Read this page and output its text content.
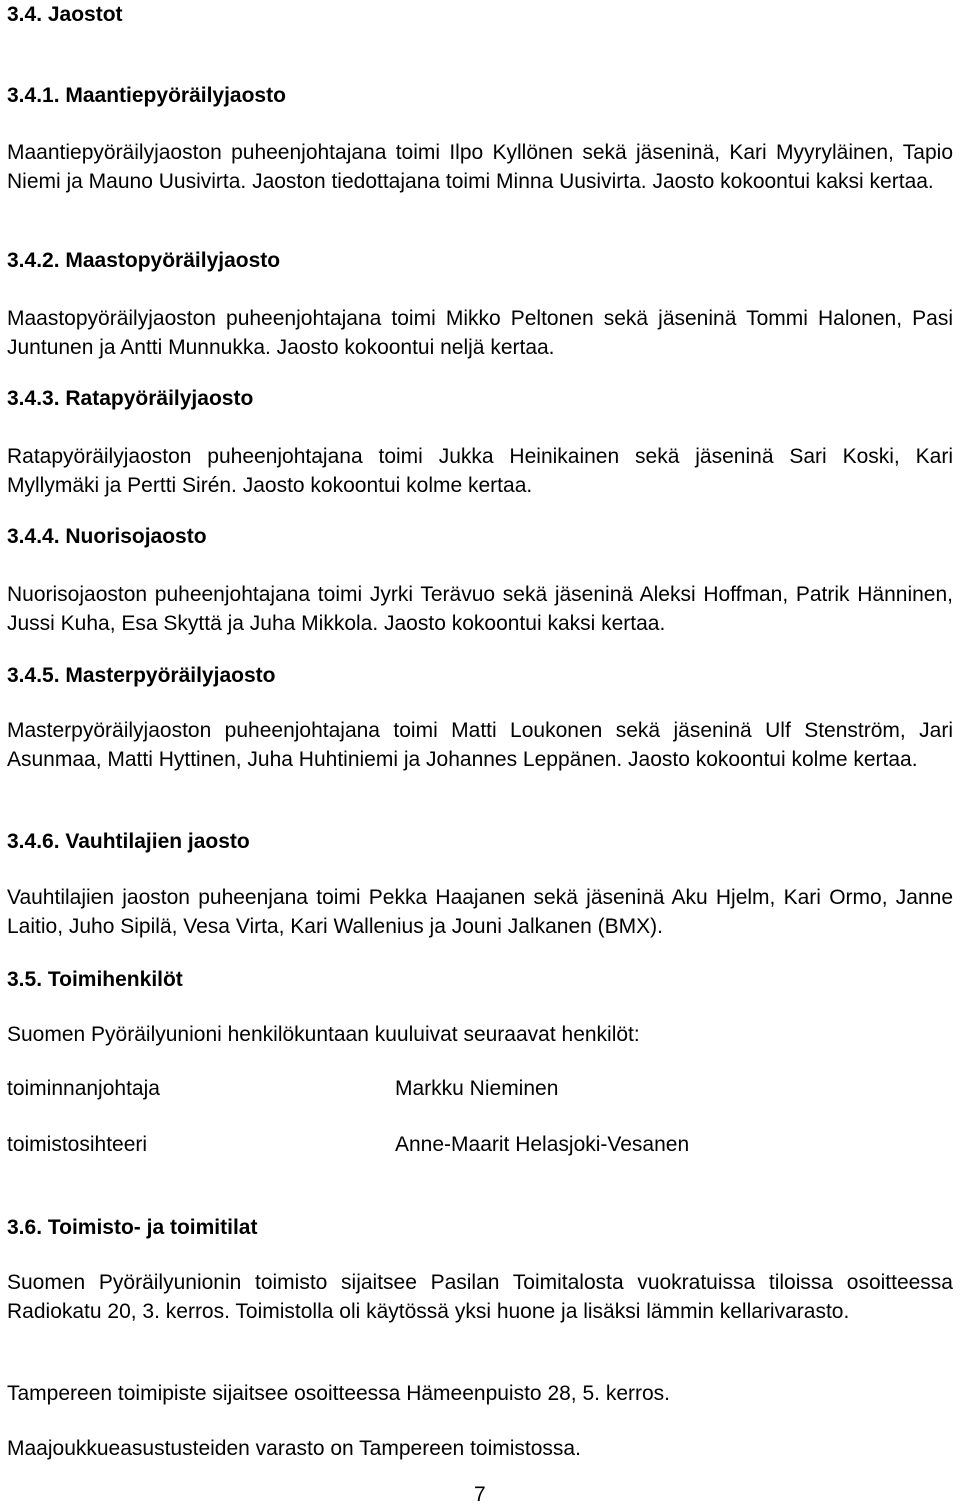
3.4. Jaostot
3.4.1. Maantiepyöräilyjaosto
Maantiepyöräilyjaoston puheenjohtajana toimi Ilpo Kyllönen sekä jäseninä, Kari Myyryläinen, Tapio Niemi ja Mauno Uusivirta. Jaoston tiedottajana toimi Minna Uusivirta. Jaosto kokoontui kaksi kertaa.
3.4.2. Maastopyöräilyjaosto
Maastopyöräilyjaoston puheenjohtajana toimi Mikko Peltonen sekä jäseninä Tommi Halonen, Pasi Juntunen ja Antti Munnukka. Jaosto kokoontui neljä kertaa.
3.4.3. Ratapyöräilyjaosto
Ratapyöräilyjaoston puheenjohtajana toimi Jukka Heinikainen sekä jäseninä Sari Koski, Kari Myllymäki ja Pertti Sirén. Jaosto kokoontui kolme kertaa.
3.4.4. Nuorisojaosto
Nuorisojaoston puheenjohtajana toimi Jyrki Terävuo sekä jäseninä Aleksi Hoffman, Patrik Hänninen, Jussi Kuha, Esa Skyttä ja Juha Mikkola. Jaosto kokoontui kaksi kertaa.
3.4.5. Masterpyöräilyjaosto
Masterpyöräilyjaoston puheenjohtajana toimi Matti Loukonen sekä jäseninä Ulf Stenström, Jari Asunmaa, Matti Hyttinen, Juha Huhtiniemi ja Johannes Leppänen. Jaosto kokoontui kolme kertaa.
3.4.6. Vauhtilajien jaosto
Vauhtilajien jaoston puheenjana toimi Pekka Haajanen sekä jäseninä Aku Hjelm, Kari Ormo, Janne Laitio, Juho Sipilä, Vesa Virta, Kari Wallenius ja Jouni Jalkanen (BMX).
3.5. Toimihenkilöt
Suomen Pyöräilyunioni henkilökuntaan kuuluivat seuraavat henkilöt:
toiminnanjohtaja	Markku Nieminen
toimistosihteeri	Anne-Maarit Helasjoki-Vesanen
3.6. Toimisto- ja toimitilat
Suomen Pyöräilyunionin toimisto sijaitsee Pasilan Toimitalosta vuokratuissa tiloissa osoitteessa Radiokatu 20, 3. kerros. Toimistolla oli käytössä yksi huone ja lisäksi lämmin kellarivarasto.
Tampereen toimipiste sijaitsee osoitteessa Hämeenpuisto 28, 5. kerros.
Maajoukkueasustusteiden varasto on Tampereen toimistossa.
7
